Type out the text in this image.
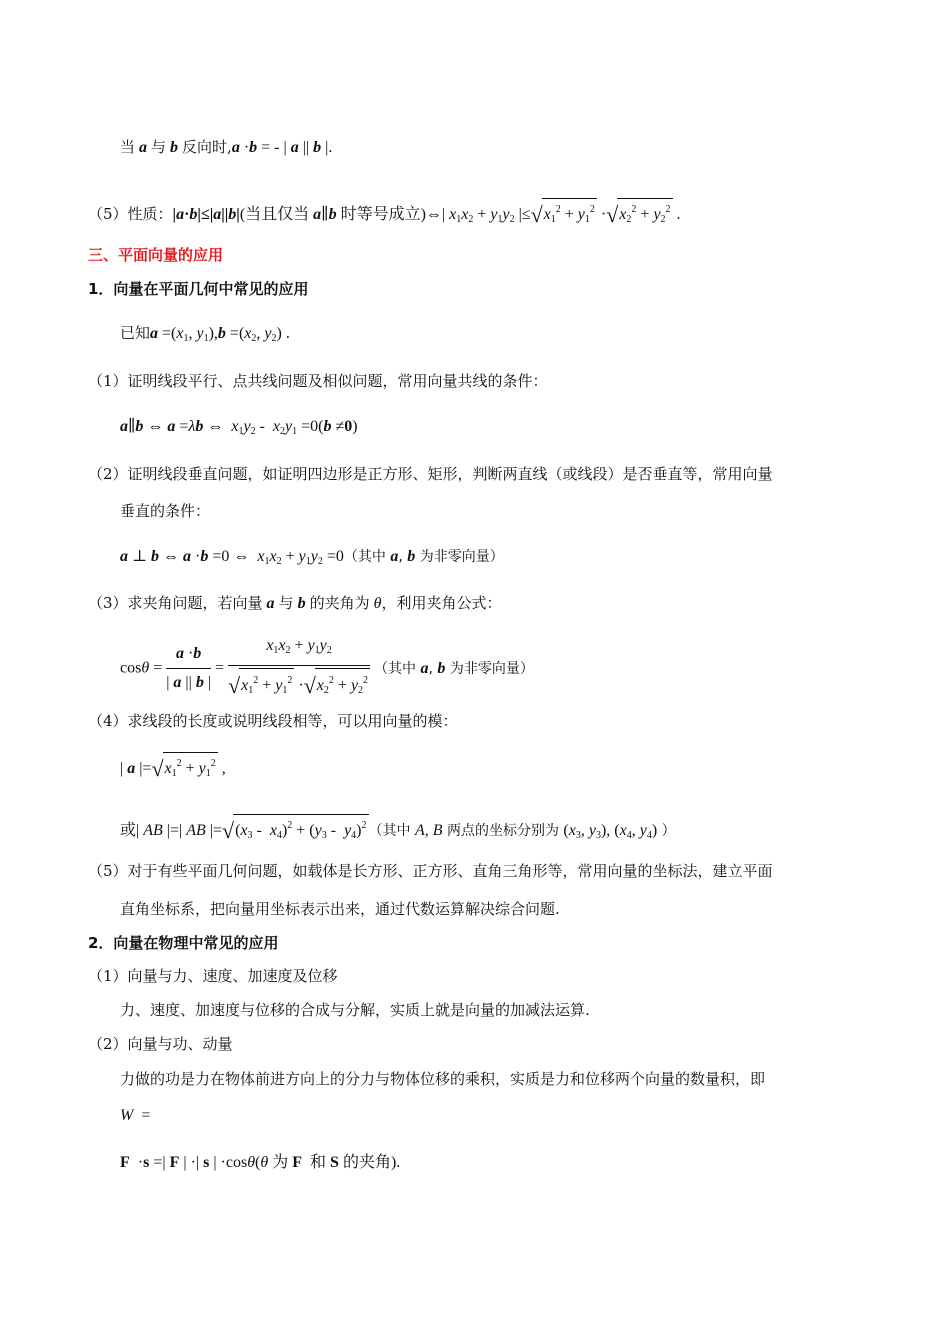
当 a 与 b 反向时,a ·b = - | a || b |.
（5）性质：|a·b|≤|a||b|(当且仅当 a∥b 时等号成立)⇔| $x_1x_2 + y_1y_2$ $|\le√x_1^2 + y_1^2 \cdot√x_2^2 + y_2^2$ .
三、平面向量的应用
1．向量在平面几何中常见的应用
已知$a =(x_1$, $y_1),b =(x_2$, $y_2$) .
（1）证明线段平行、点共线问题及相似问题，常用向量共线的条件：
a∥b ⇔ a =λb ⇔  $x_1y_2 - x_2y_1 =0(b \ne 0)$
（2）证明线段垂直问题，如证明四边形是正方形、矩形，判断两直线（或线段）是否垂直等，常用向量
垂直的条件：
a ⊥ b ⇔ a ·b =0 ⇔  $x_1x_2 + y_1y_2 =0$（其中 a, b 为非零向量）
（3）求夹角问题，若向量 a 与 b 的夹角为 θ，利用夹角公式：
$\cos\theta = \frac{a \cdot b}{| a || b |} = \frac{x_1x_2 + y_1y_2}{√x_1^2 + y_1^2 \cdot√x_2^2 + y_2^2}$ （其中 a, b 为非零向量）
（4）求线段的长度或说明线段相等，可以用向量的模：
| a $|=√x_1^2 + y_1^2$ ,
或| AB |=| AB $|=√(x_3 - x_4)^2 + (y_3 - y_4)^2$ （其中 A, B 两点的坐标分别为 ($x_3$, $y_3$), ($x_4$, $y_4$) ）
（5）对于有些平面几何问题，如载体是长方形、正方形、直角三角形等，常用向量的坐标法，建立平面
直角坐标系，把向量用坐标表示出来，通过代数运算解决综合问题.
2．向量在物理中常见的应用
（1）向量与力、速度、加速度及位移
力、速度、加速度与位移的合成与分解，实质上就是向量的加减法运算.
（2）向量与功、动量
力做的功是力在物体前进方向上的分力与物体位移的乘积，实质是力和位移两个向量的数量积，即
W  =
F  ·s =| F | ·| s | ·cosθ(θ 为 F  和 S 的夹角).
